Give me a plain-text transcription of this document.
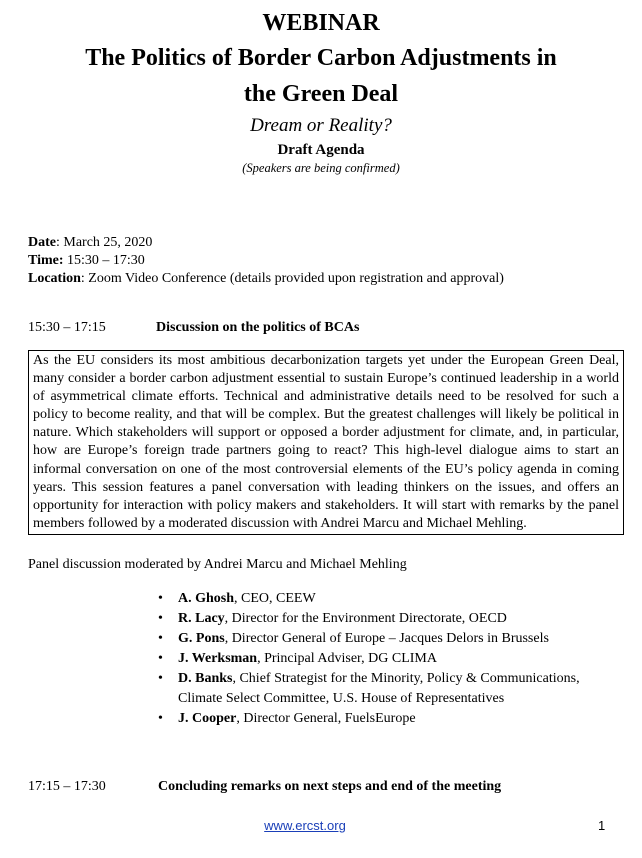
WEBINAR
The Politics of Border Carbon Adjustments in
the Green Deal
Dream or Reality?
Draft Agenda
(Speakers are being confirmed)
Date: March 25, 2020
Time: 15:30 – 17:30
Location: Zoom Video Conference (details provided upon registration and approval)
15:30 – 17:15	Discussion on the politics of BCAs
As the EU considers its most ambitious decarbonization targets yet under the European Green Deal, many consider a border carbon adjustment essential to sustain Europe’s continued leadership in a world of asymmetrical climate efforts. Technical and administrative details need to be resolved for such a policy to become reality, and that will be complex. But the greatest challenges will likely be political in nature. Which stakeholders will support or opposed a border adjustment for climate, and, in particular, how are Europe’s foreign trade partners going to react? This high-level dialogue aims to start an informal conversation on one of the most controversial elements of the EU’s policy agenda in coming years. This session features a panel conversation with leading thinkers on the issues, and offers an opportunity for interaction with policy makers and stakeholders. It will start with remarks by the panel members followed by a moderated discussion with Andrei Marcu and Michael Mehling.
Panel discussion moderated by Andrei Marcu and Michael Mehling
• A. Ghosh, CEO, CEEW
• R. Lacy, Director for the Environment Directorate, OECD
• G. Pons, Director General of Europe – Jacques Delors in Brussels
• J. Werksman, Principal Adviser, DG CLIMA
• D. Banks, Chief Strategist for the Minority, Policy & Communications, Climate Select Committee, U.S. House of Representatives
• J. Cooper, Director General, FuelsEurope
17:15 – 17:30	Concluding remarks on next steps and end of the meeting
www.ercst.org	1
